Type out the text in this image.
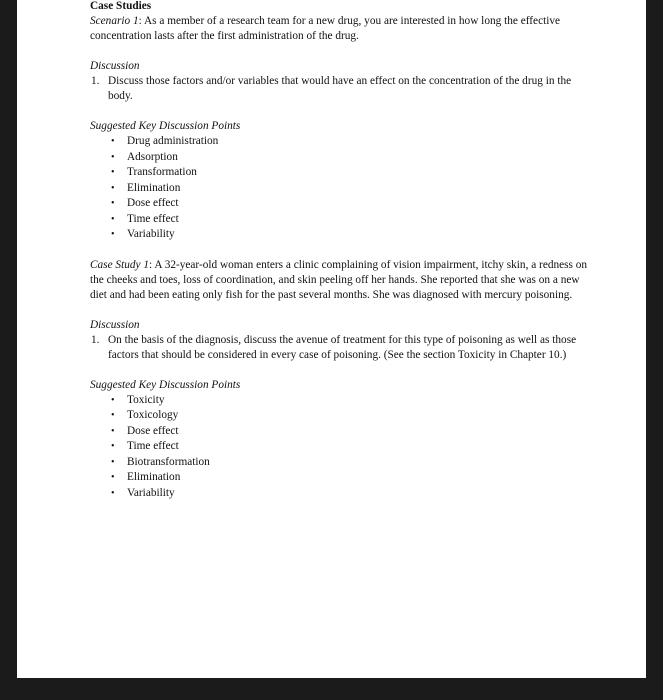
Case Studies

Scenario 1: As a member of a research team for a new drug, you are interested in how long the effective concentration lasts after the first administration of the drug.

Discussion

1. Discuss those factors and/or variables that would have an effect on the concentration of the drug in the body.

Suggested Key Discussion Points

• Drug administration
• Adsorption
• Transformation
• Elimination
• Dose effect
• Time effect
• Variability

Case Study 1: A 32-year-old woman enters a clinic complaining of vision impairment, itchy skin, a redness on the cheeks and toes, loss of coordination, and skin peeling off her hands. She reported that she was on a new diet and had been eating only fish for the past several months. She was diagnosed with mercury poisoning.

Discussion

1. On the basis of the diagnosis, discuss the avenue of treatment for this type of poisoning as well as those factors that should be considered in every case of poisoning. (See the section Toxicity in Chapter 10.)

Suggested Key Discussion Points

• Toxicity
• Toxicology
• Dose effect
• Time effect
• Biotransformation
• Elimination
• Variability
